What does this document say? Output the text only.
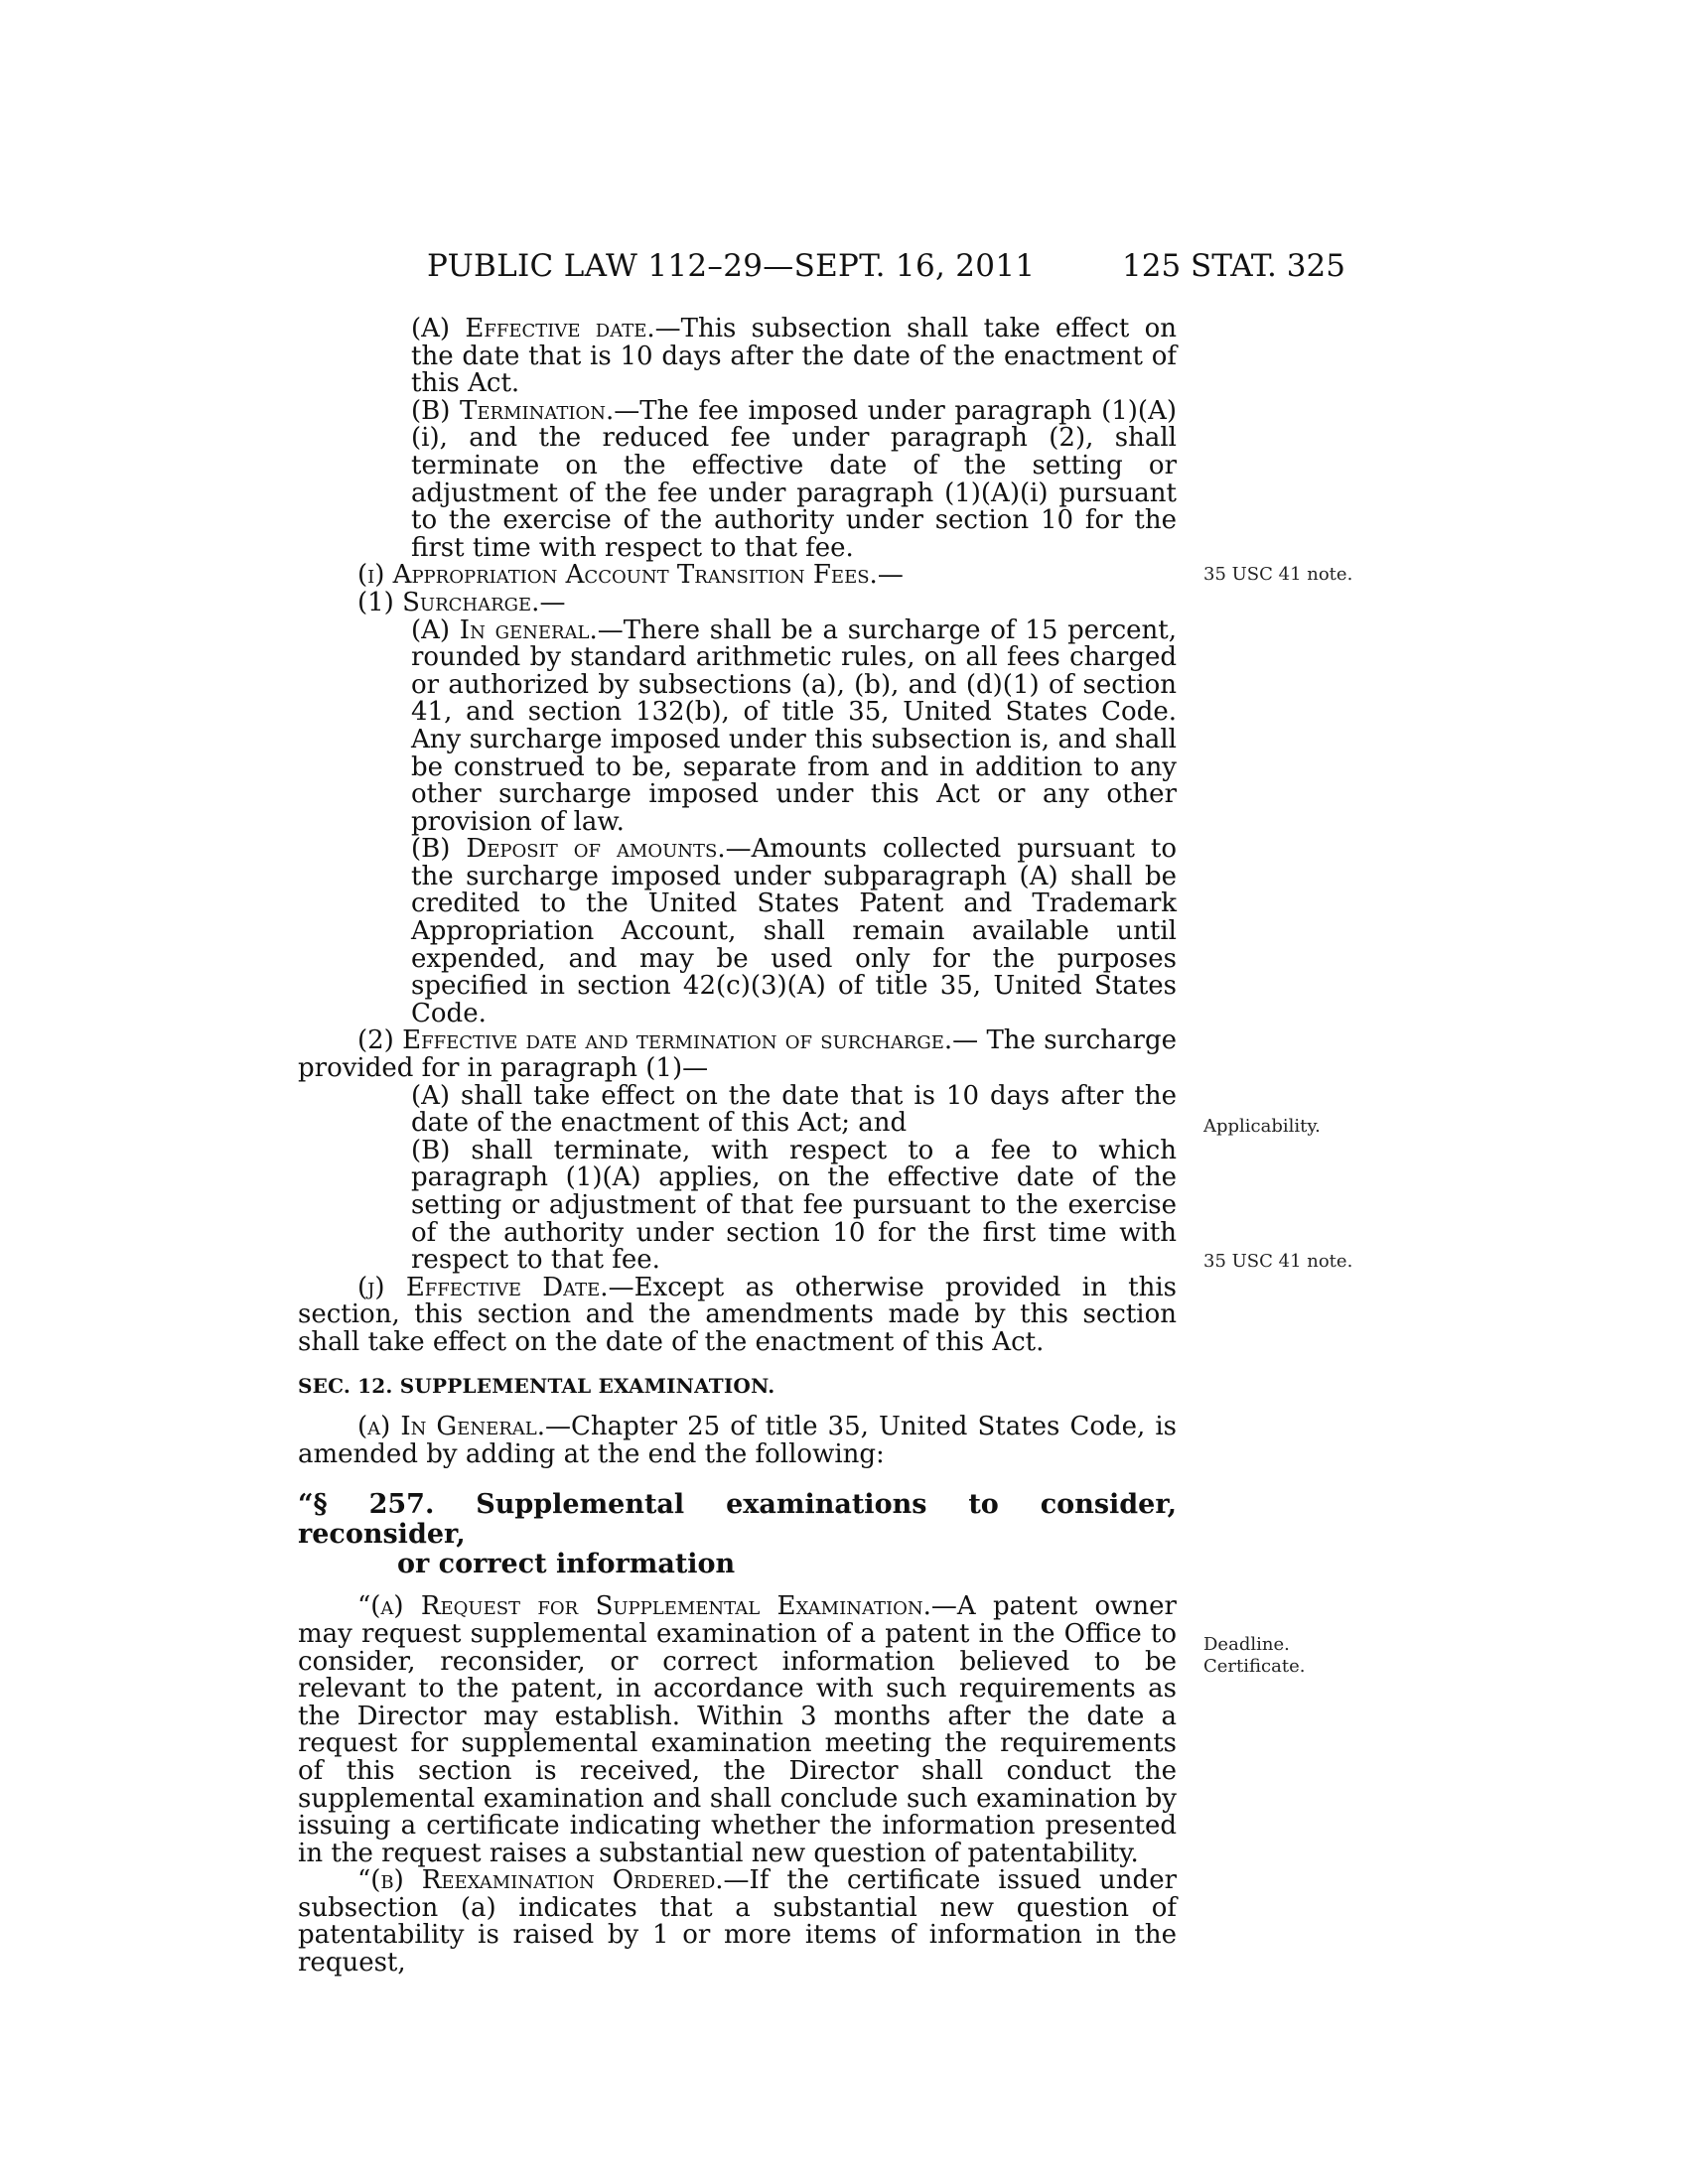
PUBLIC LAW 112–29—SEPT. 16, 2011	125 STAT. 325

(A) Effective date.—This subsection shall take effect on the date that is 10 days after the date of the enactment of this Act.

(B) Termination.—The fee imposed under paragraph (1)(A)(i), and the reduced fee under paragraph (2), shall terminate on the effective date of the setting or adjustment of the fee under paragraph (1)(A)(i) pursuant to the exercise of the authority under section 10 for the first time with respect to that fee.

(i) Appropriation Account Transition Fees.—

(1) Surcharge.—

(A) In general.—There shall be a surcharge of 15 percent, rounded by standard arithmetic rules, on all fees charged or authorized by subsections (a), (b), and (d)(1) of section 41, and section 132(b), of title 35, United States Code. Any surcharge imposed under this subsection is, and shall be construed to be, separate from and in addition to any other surcharge imposed under this Act or any other provision of law.

(B) Deposit of amounts.—Amounts collected pursuant to the surcharge imposed under subparagraph (A) shall be credited to the United States Patent and Trademark Appropriation Account, shall remain available until expended, and may be used only for the purposes specified in section 42(c)(3)(A) of title 35, United States Code.

(2) Effective date and termination of surcharge.— The surcharge provided for in paragraph (1)—

(A) shall take effect on the date that is 10 days after the date of the enactment of this Act; and

(B) shall terminate, with respect to a fee to which paragraph (1)(A) applies, on the effective date of the setting or adjustment of that fee pursuant to the exercise of the authority under section 10 for the first time with respect to that fee.

(j) Effective Date.—Except as otherwise provided in this section, this section and the amendments made by this section shall take effect on the date of the enactment of this Act.

SEC. 12. SUPPLEMENTAL EXAMINATION.

(a) In General.—Chapter 25 of title 35, United States Code, is amended by adding at the end the following:

“§ 257. Supplemental examinations to consider, reconsider,
or correct information

“(a) Request for Supplemental Examination.—A patent owner may request supplemental examination of a patent in the Office to consider, reconsider, or correct information believed to be relevant to the patent, in accordance with such requirements as the Director may establish. Within 3 months after the date a request for supplemental examination meeting the requirements of this section is received, the Director shall conduct the supplemental examination and shall conclude such examination by issuing a certificate indicating whether the information presented in the request raises a substantial new question of patentability.

“(b) Reexamination Ordered.—If the certificate issued under subsection (a) indicates that a substantial new question of patentability is raised by 1 or more items of information in the request,

35 USC 41 note.
Applicability.
35 USC 41 note.
Deadline.
Certificate.
